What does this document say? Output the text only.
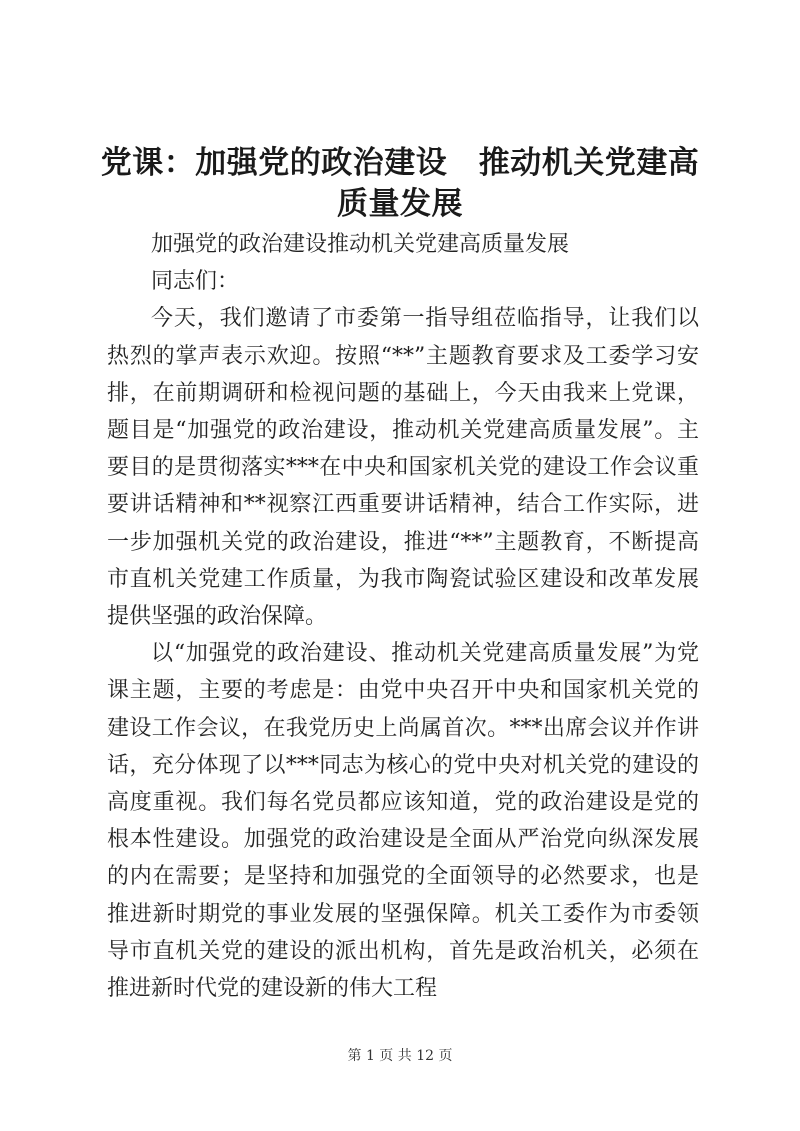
党课：加强党的政治建设　推动机关党建高质量发展

加强党的政治建设推动机关党建高质量发展

同志们：

今天，我们邀请了市委第一指导组莅临指导，让我们以热烈的掌声表示欢迎。按照“**”主题教育要求及工委学习安排，在前期调研和检视问题的基础上，今天由我来上党课，题目是“加强党的政治建设，推动机关党建高质量发展”。主要目的是贯彻落实***在中央和国家机关党的建设工作会议重要讲话精神和**视察江西重要讲话精神，结合工作实际，进一步加强机关党的政治建设，推进“**”主题教育，不断提高市直机关党建工作质量，为我市陶瓷试验区建设和改革发展提供坚强的政治保障。

以“加强党的政治建设、推动机关党建高质量发展”为党课主题，主要的考虑是：由党中央召开中央和国家机关党的建设工作会议，在我党历史上尚属首次。***出席会议并作讲话，充分体现了以***同志为核心的党中央对机关党的建设的高度重视。我们每名党员都应该知道，党的政治建设是党的根本性建设。加强党的政治建设是全面从严治党向纵深发展的内在需要；是坚持和加强党的全面领导的必然要求，也是推进新时期党的事业发展的坚强保障。机关工委作为市委领导市直机关党的建设的派出机构，首先是政治机关，必须在推进新时代党的建设新的伟大工程

第 1 页 共 12 页
